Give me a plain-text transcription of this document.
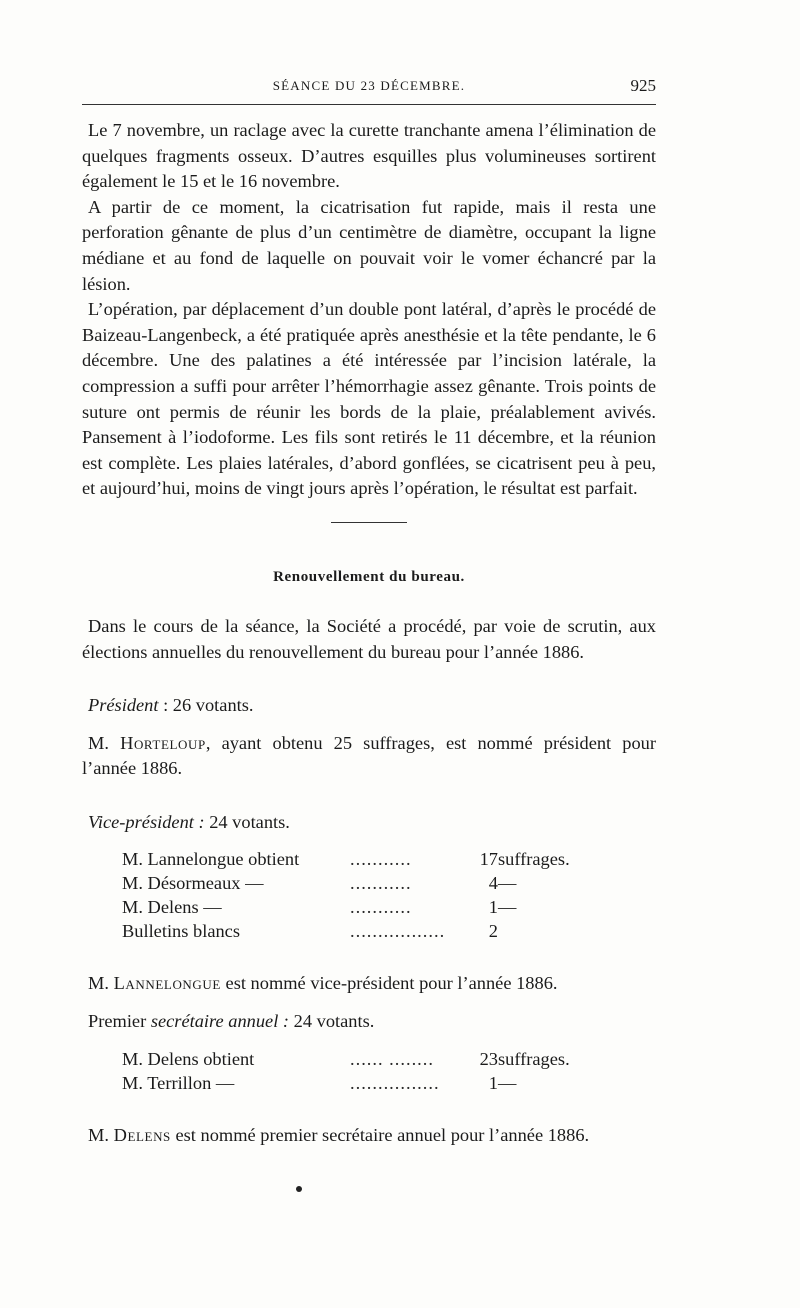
SÉANCE DU 23 DÉCEMBRE.	925

Le 7 novembre, un raclage avec la curette tranchante amena l’élimination de quelques fragments osseux. D’autres esquilles plus volumineuses sortirent également le 15 et le 16 novembre.

A partir de ce moment, la cicatrisation fut rapide, mais il resta une perforation gênante de plus d’un centimètre de diamètre, occupant la ligne médiane et au fond de laquelle on pouvait voir le vomer échancré par la lésion.

L’opération, par déplacement d’un double pont latéral, d’après le procédé de Baizeau-Langenbeck, a été pratiquée après anesthésie et la tête pendante, le 6 décembre. Une des palatines a été intéressée par l’incision latérale, la compression a suffi pour arrêter l’hémorrhagie assez gênante. Trois points de suture ont permis de réunir les bords de la plaie, préalablement avivés. Pansement à l’iodoforme. Les fils sont retirés le 11 décembre, et la réunion est complète. Les plaies latérales, d’abord gonflées, se cicatrisent peu à peu, et aujourd’hui, moins de vingt jours après l’opération, le résultat est parfait.

Renouvellement du bureau.

Dans le cours de la séance, la Société a procédé, par voie de scrutin, aux élections annuelles du renouvellement du bureau pour l’année 1886.

Président : 26 votants.

M. Horteloup, ayant obtenu 25 suffrages, est nommé président pour l’année 1886.

Vice-président : 24 votants.

M. Lannelongue obtient	...........	17	suffrages.
M. Désormeaux —	...........	4	—
M. Delens —	...........	1	—
Bulletins blancs	.................	2	

M. Lannelongue est nommé vice-président pour l’année 1886.

Premier secrétaire annuel : 24 votants.

M. Delens obtient	...... ........	23	suffrages.
M. Terrillon —	................	1	—

M. Delens est nommé premier secrétaire annuel pour l’année 1886.
